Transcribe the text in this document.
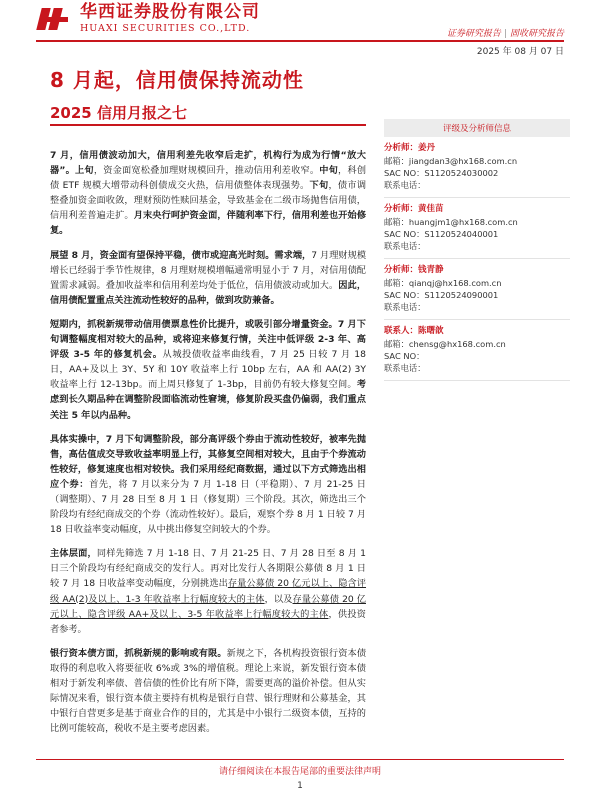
华西证券股份有限公司
HUAXI SECURITIES CO.,LTD.	证券研究报告 | 固收研究报告
2025 年 08 月 07 日
8 月起，信用债保持流动性
2025 信用月报之七
7 月，信用债波动加大，信用利差先收窄后走扩，机构行为成为行情“放大器”。上旬，资金面宽松叠加理财规模回升，推动信用利差收窄。中旬，科创债 ETF 规模大增带动科创债成交火热，信用债整体表现强势。下旬，债市调整叠加资金面收敛，理财预防性赎回基金，导致基金在二级市场抛售信用债，信用利差普遍走扩。月末央行呵护资金面，伴随利率下行，信用利差也开始修复。
展望 8 月，资金面有望保持平稳，债市或迎高光时刻。需求端，7 月理财规模增长已经弱于季节性规律，8 月理财规模增幅通常明显小于 7 月，对信用债配置需求减弱。叠加收益率和信用利差均处于低位，信用债波动或加大。因此，信用债配置重点关注流动性较好的品种，做到攻防兼备。
短期内，抓税新规带动信用债票息性价比提升，或吸引部分增量资金。7 月下旬调整幅度相对较大的品种，或将迎来修复行情，关注中低评级 2-3 年、高评级 3-5 年的修复机会。从城投债收益率曲线看，7 月 25 日较 7 月 18 日，AA+及以上 3Y、5Y 和 10Y 收益率上行 10bp 左右，AA 和 AA(2) 3Y 收益率上行 12-13bp。而上周只修复了 1-3bp，目前仍有较大修复空间。考虑到长久期品种在调整阶段面临流动性窘境，修复阶段买盘仍偏弱，我们重点关注 5 年以内品种。
具体实操中，7 月下旬调整阶段，部分高评级个券由于流动性较好，被率先抛售，高估值成交导致收益率明显上行，其修复空间相对较大，且由于个券流动性较好，修复速度也相对较快。我们采用经纪商数据，通过以下方式筛选出相应个券：首先，将 7 月以来分为 7 月 1-18 日（平稳期）、7 月 21-25 日（调整期）、7 月 28 日至 8 月 1 日（修复期）三个阶段。其次，筛选出三个阶段均有经纪商成交的个券（流动性较好）。最后，观察个券 8 月 1 日较 7 月 18 日收益率变动幅度，从中挑出修复空间较大的个券。
主体层面，同样先筛选 7 月 1-18 日、7 月 21-25 日、7 月 28 日至 8 月 1 日三个阶段均有经纪商成交的发行人。再对比发行人各期限公募债 8 月 1 日较 7 月 18 日收益率变动幅度，分别挑选出存量公募债 20 亿元以上、隐含评级 AA(2)及以上、1-3 年收益率上行幅度较大的主体，以及存量公募债 20 亿元以上、隐含评级 AA+及以上、3-5 年收益率上行幅度较大的主体，供投资者参考。
银行资本债方面，抓税新规的影响或有限。新规之下，各机构投资银行资本债取得的利息收入将要征收 6%或 3%的增值税。理论上来说，新发银行资本债相对于新发利率债、普信债的性价比有所下降，需要更高的溢价补偿。但从实际情况来看，银行资本债主要持有机构是银行自营、银行理财和公募基金，其中银行自营更多是基于商业合作的目的，尤其是中小银行二级资本债，互持的比例可能较高，税收不是主要考虑因素。
评级及分析师信息
分析师：姜丹
邮箱：jiangdan3@hx168.com.cn
SAC NO：S1120524030002
联系电话：
分析师：黄佳苗
邮箱：huangjm1@hx168.com.cn
SAC NO：S1120524040001
联系电话：
分析师：钱青静
邮箱：qianqj@hx168.com.cn
SAC NO：S1120524090001
联系电话：
联系人：陈曙歆
邮箱：chensg@hx168.com.cn
SAC NO：
联系电话：
请仔细阅读在本报告尾部的重要法律声明
1
